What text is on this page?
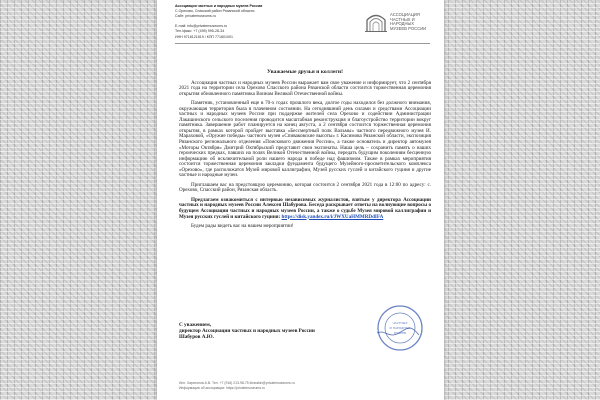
Ассоциация частных и народных музеев России
С.Орехово, Спасский район Рязанской области.
Сайт: privatemuseums.ru

E-mail: info@privatemuseums.ru
Тел./факс: +7 (495) 995-28-34
ИНН 9718121819 / КПП 771801001
АССОЦИАЦИЯ ЧАСТНЫХ И НАРОДНЫХ МУЗЕЕВ РОССИИ

Уважаемые друзья и коллеги!

Ассоциация частных и народных музеев России выражает вам свое уважение и информирует, что 2 сентября 2021 года на территории села Орехово Спасского района Рязанской области состоится торжественная церемония открытия обновленного памятника Воинам Великой Отечественной войны.

Памятник, установленный еще в 70-х годах прошлого века, долгое годы находился без должного внимания, окружающая территория была в плачевном состоянии. На сегодняшний день силами и средствами Ассоциации частных и народных музеев России при поддержке жителей села Орехово и содействии Администрации Лакашинского сельского поселения проводится масштабная реконструкция и благоустройство территории вокруг памятника. Завершение работ планируется на конец августа, а 2 сентября состоится торжественная церемония открытия, в рамках которой пройдет выставка «Бессмертный полк Вальмы» частного передвижного музея И. Мараховой, «Оружие победы» частного музея «Спиваковские высоты» г. Касимова Рязанской области, экспозиция Рязанского регионального отделения «Поискового движения России», а также основатель и директор автомузея «Моторы Октября» Дмитрий Октябрьский представит свои экспонаты. Наша цель – сохранить память о наших героических предках, павших на полях Великой Отечественной войны, передать будущим поколениям бесценную информацию об исключительной роли нашего народа в победе над фашизмом. Также в рамках мероприятия состоится торжественная церемония закладки фундамента будущего Музейного-просветительского комплекса «Орехово», где расположатся Музей мировой каллиграфии, Музей русских гуслей и китайского гуциня и другие частные и народные музеи.

Приглашаем вас на предстоящую церемонию, которая состоится 2 сентября 2021 года в 12:00 по адресу: с. Орехово, Спасский район, Рязанская область.

Предлагаем ознакомиться с интервью независимых журналистов, взятым у директора Ассоциации частных и народных музеев России Алексея Шабурова. Беседа раскрывает ответы на волнующие вопросы о будущем Ассоциации частных и народных музеев России, а также о судьбе Музея мировой каллиграфии и Музея русских гуслей и китайского гуциня: https://disk.yandex.ru/i/JWXUaHMMRDdIFA

Будем рады видеть вас на нашем мероприятии!

С уважением,
директор Ассоциации частных и народных музеев России
Шабуров А.Ю.
ЧАСТНЫХ
И НАРОДНЫХ
МУЗЕЕВ
Исп. Харитонов А.В. Тел. +7 (916) 213-98-75 kharakin@privatemuseums.ru
Информация об ассоциации: https://privatemuseums.ru
